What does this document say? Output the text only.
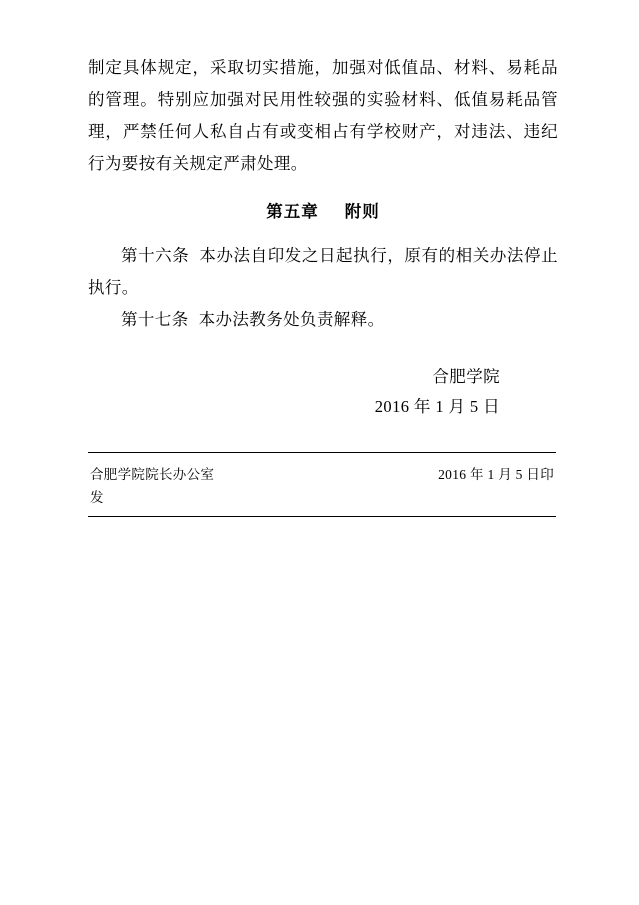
制定具体规定，采取切实措施，加强对低值品、材料、易耗品的管理。特别应加强对民用性较强的实验材料、低值易耗品管理，严禁任何人私自占有或变相占有学校财产，对违法、违纪行为要按有关规定严肃处理。

第五章 附则

第十六条 本办法自印发之日起执行，原有的相关办法停止执行。

第十七条 本办法教务处负责解释。

合肥学院
2016 年 1 月 5 日
合肥学院院长办公室	2016 年 1 月 5 日印
发
